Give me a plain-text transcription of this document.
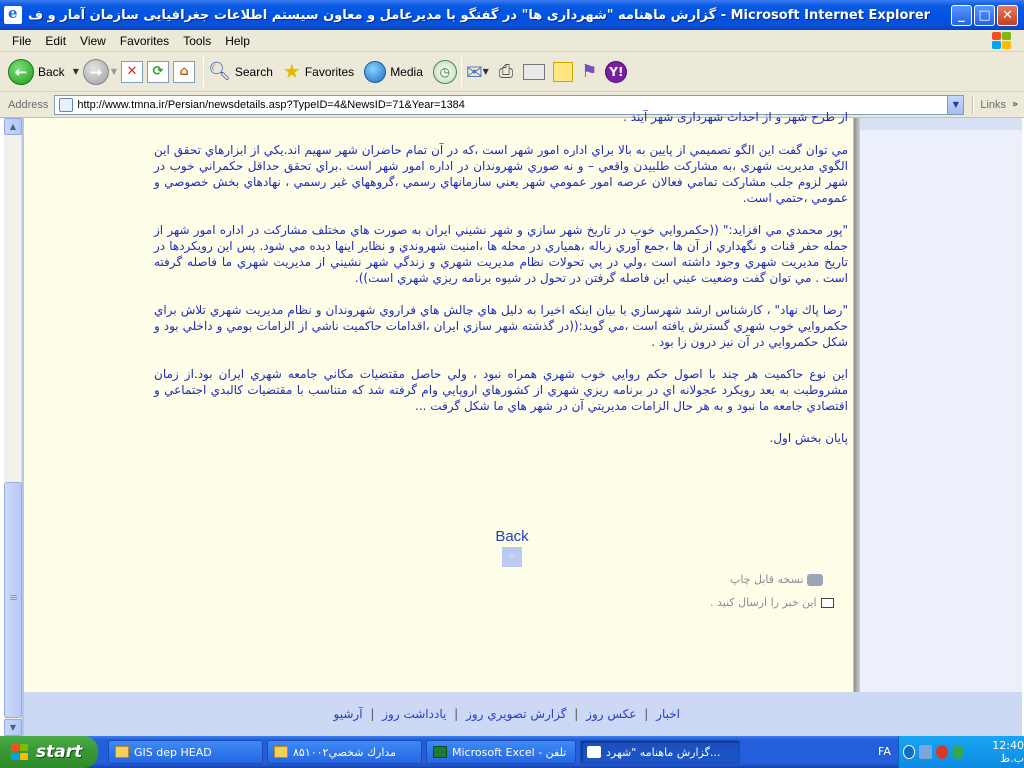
e
گزارش ماهنامه "شهرداری ها" در گفتگو با مدیرعامل و معاون سیستم اطلاعات جغرافیایی سازمان آمار و ف - Microsoft Internet Explorer	_	□ ✕
File	Edit	View	Favorites	Tools	Help
← Back ▼ →	▼ ✕	⟳	⌂	🔍︎ Search ★ Favorites	Media	◷ ✉ ▼ ⎙	⚑ Y!
Address	http://www.tmna.ir/Persian/newsdetails.asp?TypeID=4&NewsID=71&Year=1384	▼	Links »
▲
≡
▼
از طرح شهر و از احداث شهرداری شهر آیند .

مي توان گفت اين الگو تصميمي از پايين به بالا براي اداره امور شهر است ،كه در آن تمام حاضران شهر سهيم اند.يكي از ابزارهاي تحقق اين الگوي مديريت شهري ،به مشاركت طلبيدن واقعي – و نه صوري شهروندان در اداره امور شهر است .براي تحقق حداقل حكمراني خوب در شهر لزوم جلب مشاركت تمامي فعالان عرصه امور عمومي شهر يعني سازمانهاي رسمي ،گروههاي غير رسمي ، نهادهاي بخش خصوصي و عمومي ،حتمي است.

"پور محمدي مي افزايد:" ((حكمروايي خوب در تاريخ شهر سازي و شهر نشيني ايران به صورت هاي مختلف مشاركت در اداره امور شهر از جمله حفر قنات و نگهداري از آن ها ،جمع آوري زباله ،همياري در محله ها ،امنيت شهروندي و نظاير اينها ديده مي شود. پس اين رويكردها در تاريخ مديريت شهري وجود داشته است ،ولي در پي تحولات نظام مديريت شهري و زندگي شهر نشيني از مديريت شهري ما فاصله گرفته است . مي توان گفت وضعيت عيني اين فاصله گرفتن در تحول در شيوه برنامه ريزي شهري است)).

"رضا پاك نهاد" ، كارشناس ارشد شهرسازي با بيان اينكه اخيرا به دليل هاي چالش هاي فراروي شهروندان و نظام مديريت شهري تلاش براي حكمروايي خوب شهري گسترش يافته است ،مي گويد:((در گذشته شهر سازي ايران ،اقدامات حاكميت ناشي از الزامات بومي و داخلي بود و شكل حكمروايي در آن نيز درون زا بود .

اين نوع حاكميت هر چند با اصول حكم روايي خوب شهري همراه نبود ، ولي حاصل مقتضيات مكاني جامعه شهري ايران بود.از زمان مشروطيت به بعد رويكرد عجولانه اي در برنامه ريزي شهري از كشورهاي اروپايي وام گرفته شد كه متناسب با مقتضيات كالبدي اجتماعي و اقتصادي جامعه ما نبود و به هر حال الزامات مديريتي آن در شهر هاي ما شكل گرفت ...

پايان بخش اول.

Back
⁘
نسخه قابل چاپ
اين خبر را ارسال كنيد .
اخبار | عكس روز | گزارش تصويري روز | يادداشت روز | آرشيو
start	GIS dep HEAD	مدارك شخصي۸۵۱۰۰۲	Microsoft Excel - تلفن	گزارش ماهنامه "شهرد...	FA	12:40 ب.ظ
